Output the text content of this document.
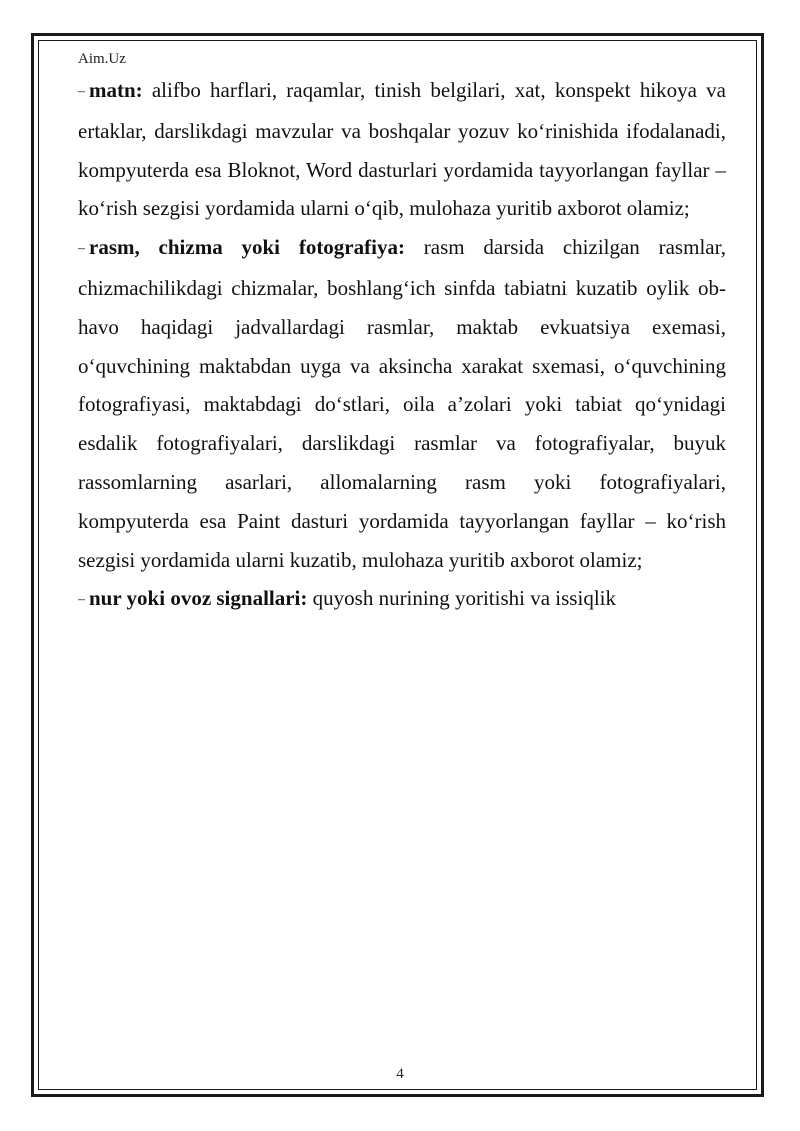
Aim.Uz

– matn: alifbo harflari, raqamlar, tinish belgilari, xat, konspekt hikoya va ertaklar, darslikdagi mavzular va boshqalar yozuv koʻrinishida ifodalanadi, kompyuterda esa Bloknot, Word dasturlari yordamida tayyorlangan fayllar – koʻrish sezgisi yordamida ularni oʻqib, mulohaza yuritib axborot olamiz;

– rasm, chizma yoki fotografiya: rasm darsida chizilgan rasmlar, chizmachilikdagi chizmalar, boshlangʻich sinfda tabiatni kuzatib oylik ob-havo haqidagi jadvallardagi rasmlar, maktab evkuatsiya exemasi, oʻquvchining maktabdan uyga va aksincha xarakat sxemasi, oʻquvchining fotografiyasi, maktabdagi doʻstlari, oila a’zolari yoki tabiat qoʻynidagi esdalik fotografiyalari, darslikdagi rasmlar va fotografiyalar, buyuk rassomlarning asarlari, allomalarning rasm yoki fotografiyalari, kompyuterda esa Paint dasturi yordamida tayyorlangan fayllar – koʻrish sezgisi yordamida ularni kuzatib, mulohaza yuritib axborot olamiz;

– nur yoki ovoz signallari: quyosh nurining yoritishi va issiqlik

4
